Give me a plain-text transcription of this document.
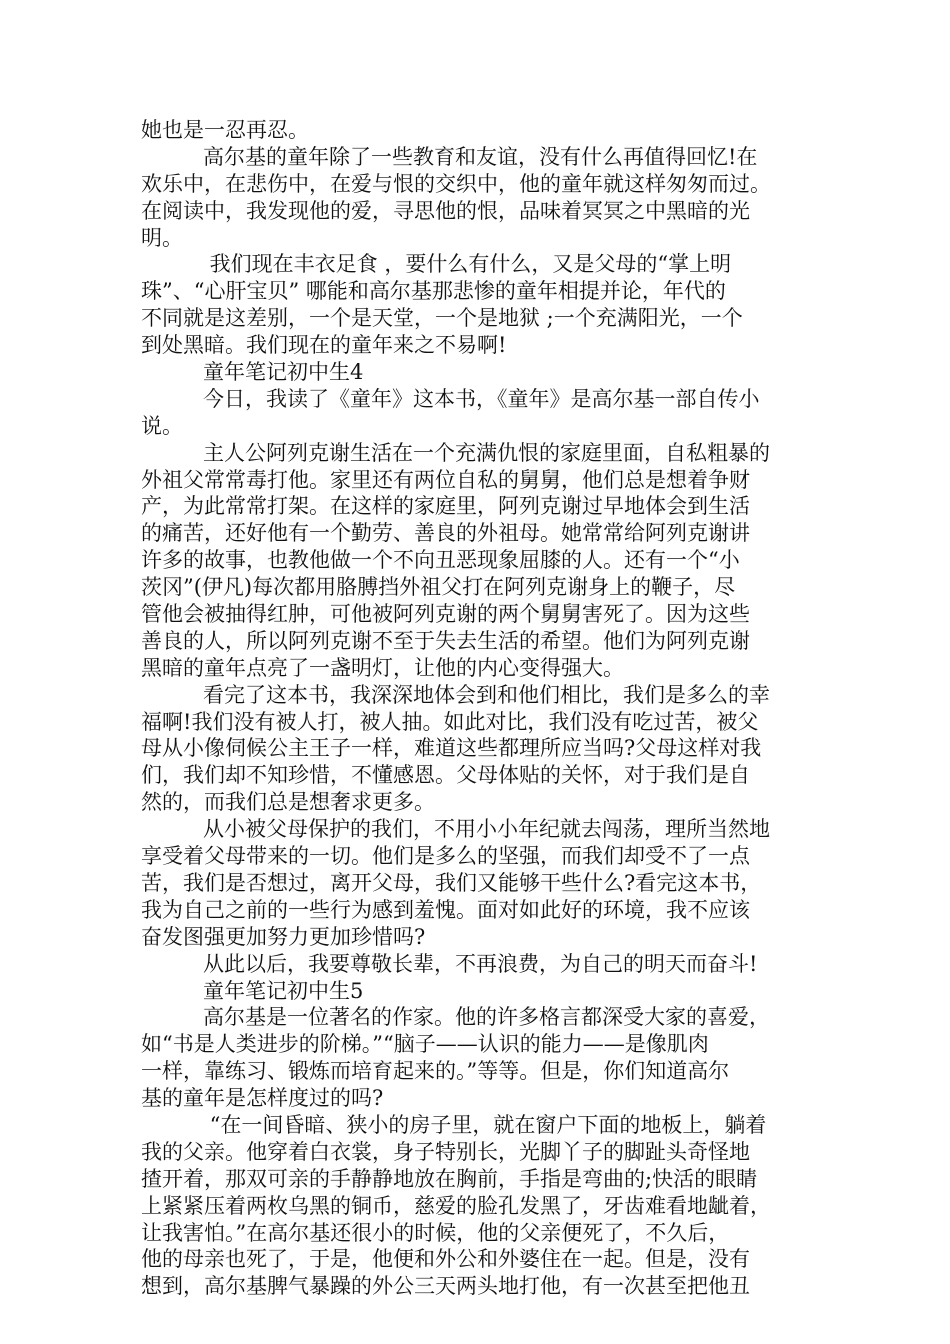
她也是一忍再忍。
高尔基的童年除了一些教育和友谊，没有什么再值得回忆!在
欢乐中，在悲伤中，在爱与恨的交织中，他的童年就这样匆匆而过。
在阅读中，我发现他的爱，寻思他的恨，品味着冥冥之中黑暗的光
明。
我们现在丰衣足食 ，要什么有什么，又是父母的“掌上明
珠”、“心肝宝贝” 哪能和高尔基那悲惨的童年相提并论，年代的
不同就是这差别，一个是天堂，一个是地狱 ;一个充满阳光，一个
到处黑暗。我们现在的童年来之不易啊!
童年笔记初中生4
今日，我读了《童年》这本书，《童年》是高尔基一部自传小
说。
主人公阿列克谢生活在一个充满仇恨的家庭里面，自私粗暴的
外祖父常常毒打他。家里还有两位自私的舅舅，他们总是想着争财
产，为此常常打架。在这样的家庭里，阿列克谢过早地体会到生活
的痛苦，还好他有一个勤劳、善良的外祖母。她常常给阿列克谢讲
许多的故事，也教他做一个不向丑恶现象屈膝的人。还有一个“小
茨冈”(伊凡)每次都用胳膊挡外祖父打在阿列克谢身上的鞭子，尽
管他会被抽得红肿，可他被阿列克谢的两个舅舅害死了。因为这些
善良的人，所以阿列克谢不至于失去生活的希望。他们为阿列克谢
黑暗的童年点亮了一盏明灯，让他的内心变得强大。
看完了这本书，我深深地体会到和他们相比，我们是多么的幸
福啊!我们没有被人打，被人抽。如此对比，我们没有吃过苦，被父
母从小像伺候公主王子一样，难道这些都理所应当吗?父母这样对我
们，我们却不知珍惜，不懂感恩。父母体贴的关怀，对于我们是自
然的，而我们总是想奢求更多。
从小被父母保护的我们，不用小小年纪就去闯荡，理所当然地
享受着父母带来的一切。他们是多么的坚强，而我们却受不了一点
苦，我们是否想过，离开父母，我们又能够干些什么?看完这本书，
我为自己之前的一些行为感到羞愧。面对如此好的环境，我不应该
奋发图强更加努力更加珍惜吗?
从此以后，我要尊敬长辈，不再浪费，为自己的明天而奋斗!
童年笔记初中生5
高尔基是一位著名的作家。他的许多格言都深受大家的喜爱，
如“书是人类进步的阶梯。”“脑子——认识的能力——是像肌肉
一样，靠练习、锻炼而培育起来的。”等等。但是，你们知道高尔
基的童年是怎样度过的吗?
“在一间昏暗、狭小的房子里，就在窗户下面的地板上，躺着
我的父亲。他穿着白衣裳，身子特别长，光脚丫子的脚趾头奇怪地
揸开着，那双可亲的手静静地放在胸前，手指是弯曲的;快活的眼睛
上紧紧压着两枚乌黑的铜币，慈爱的脸孔发黑了，牙齿难看地龇着，
让我害怕。”在高尔基还很小的时候，他的父亲便死了，不久后，
他的母亲也死了，于是，他便和外公和外婆住在一起。但是，没有
想到，高尔基脾气暴躁的外公三天两头地打他，有一次甚至把他丑
